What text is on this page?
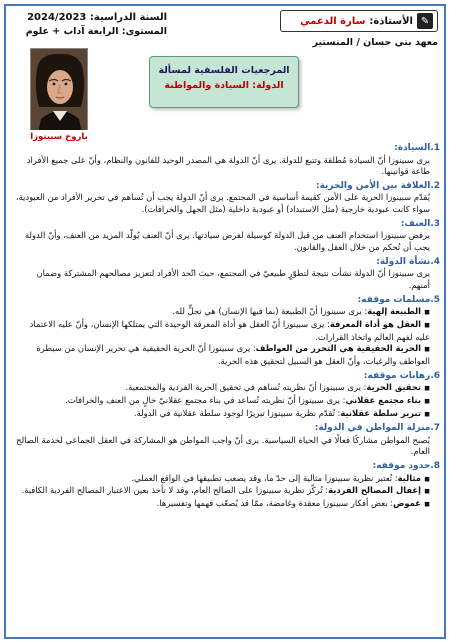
✎
الأستاذة:
سارة الدعمي
معهد بني حسان / المنستير
السنة الدراسية: 2024/2023
المستوى: الرابعة آداب + علوم
المرجعيات الفلسفية لمسألة
الدولة: السيادة والمواطنة
باروخ سبينوزا
1.السيادة:
يرى سبينوزا أنّ السيادة مُطلقة وتتبع للدولة. يرى أنّ الدولة هي المصدر الوحيد للقانون والنظام، وأنّ على جميع الأفراد طاعة قوانينها.
2.العلاقة بين الأمن والحرية:
يُقدّم سبينوزا الحرية على الأمن كقيمة أساسية في المجتمع. يرى أنّ الدولة يجب أن تُساهم في تحرير الأفراد من العبودية، سواء كانت عبودية خارجية (مثل الاستبداد) أو عبودية داخلية (مثل الجهل والخرافات).
3.العنف:
يرفض سبينوزا استخدام العنف من قبل الدولة كوسيلة لفرض سيادتها. يرى أنّ العنف يُولّد المزيد من العنف، وأنّ الدولة يجب أن تُحكم من خلال العقل والقانون.
4.نشأة الدولة:
يرى سبينوزا أنّ الدولة نشأت نتيجة لتطوّرٍ طبيعيّ في المجتمع، حيث اتّحد الأفراد لتعزيز مصالحهم المشتركة وضمان أمنهم.
5.مسلمات موقفه:
◼الطبيعة إلهية: يرى سبينوزا أنّ الطبيعة (بما فيها الإنسان) هي تجلٍّ لله.
◼العقل هو أداة المعرفة: يرى سبينوزا أنّ العقل هو أداة المعرفة الوحيدة التي يمتلكها الإنسان، وأنّ عليه الاعتماد عليه لفهم العالم واتخاذ القرارات.
◼الحرية الحقيقية هي التحرر من العواطف: يرى سبينوزا أنّ الحرية الحقيقية هي تحرير الإنسان من سيطرة العواطف والرغبات، وأنّ العقل هو السبيل لتحقيق هذه الحرية.
6.رهانات موقفه:
◼تحقيق الحرية: يرى سبينوزا أنّ نظريته تُساهم في تحقيق الحرية الفردية والمجتمعية.
◼بناء مجتمع عقلاني: يرى سبينوزا أنّ نظريته تُساعد في بناء مجتمع عقلانيّ خالٍ من العنف والخرافات.
◼تبرير سلطة عقلانية: تُقدّم نظرية سبينوزا تبريرًا لوجود سلطة عقلانية في الدولة.
7.منزلة المواطن في الدولة:
يُصبح المواطن مشاركًا فعالًا في الحياة السياسية. يرى أنّ واجب المواطن هو المشاركة في العقل الجماعي لخدمة الصالح العام.
8.حدود موقفه:
◼مثالية: تُعتبر نظرية سبينوزا مثالية إلى حدّ ما، وقد يصعب تطبيقها في الواقع العملي.
◼إغفال المصالح الفردية: تُركّز نظرية سبينوزا على الصالح العام، وقد لا تأخذ بعين الاعتبار المصالح الفردية الكافية.
◼غموض: بعض أفكار سبينوزا معقدة وغامضة، ممّا قد يُصعّب فهمها وتفسيرها.
